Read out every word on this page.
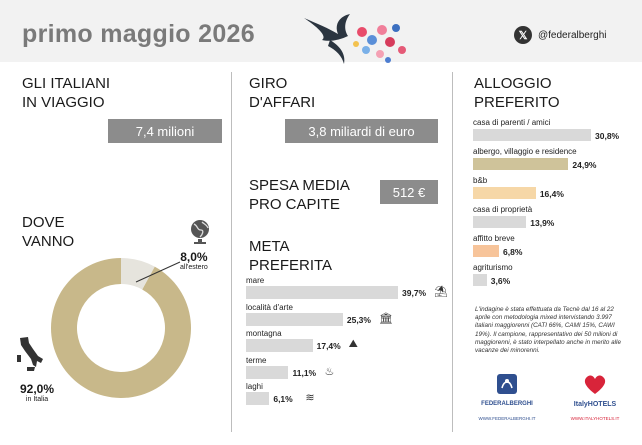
primo maggio 2026	𝕏	@federalberghi
GLI ITALIANI
IN VIAGGIO
7,4 milioni
DOVE
VANNO
8,0%
all'estero
92,0%
in Italia
GIRO
D'AFFARI
3,8 miliardi di euro
SPESA MEDIA
PRO CAPITE
512 €
META
PREFERITA
mare
39,7% ⛱
località d'arte
25,3% 🏛
montagna
17,4% ⛰
terme
11,1% ♨
laghi
6,1% ≋
ALLOGGIO
PREFERITO
casa di parenti / amici
30,8%
albergo, villaggio e residence
24,9%
b&b
16,4%
casa di proprietà
13,9%
affitto breve
6,8%
agriturismo
3,6%
L'indagine è stata effettuata da Tecnè dal 16 al 22 aprile con metodologia mixed intervistando 3.997 italiani maggiorenni (CATI 66%, CAMI 15%, CAWI 19%). Il campione, rappresentativo dei 50 milioni di maggiorenni, è stato interpellato anche in merito alle vacanze dei minorenni.
FEDERALBERGHI
WWW.FEDERALBERGHI.IT
ItalyHOTELS
WWW.ITALYHOTELS.IT
